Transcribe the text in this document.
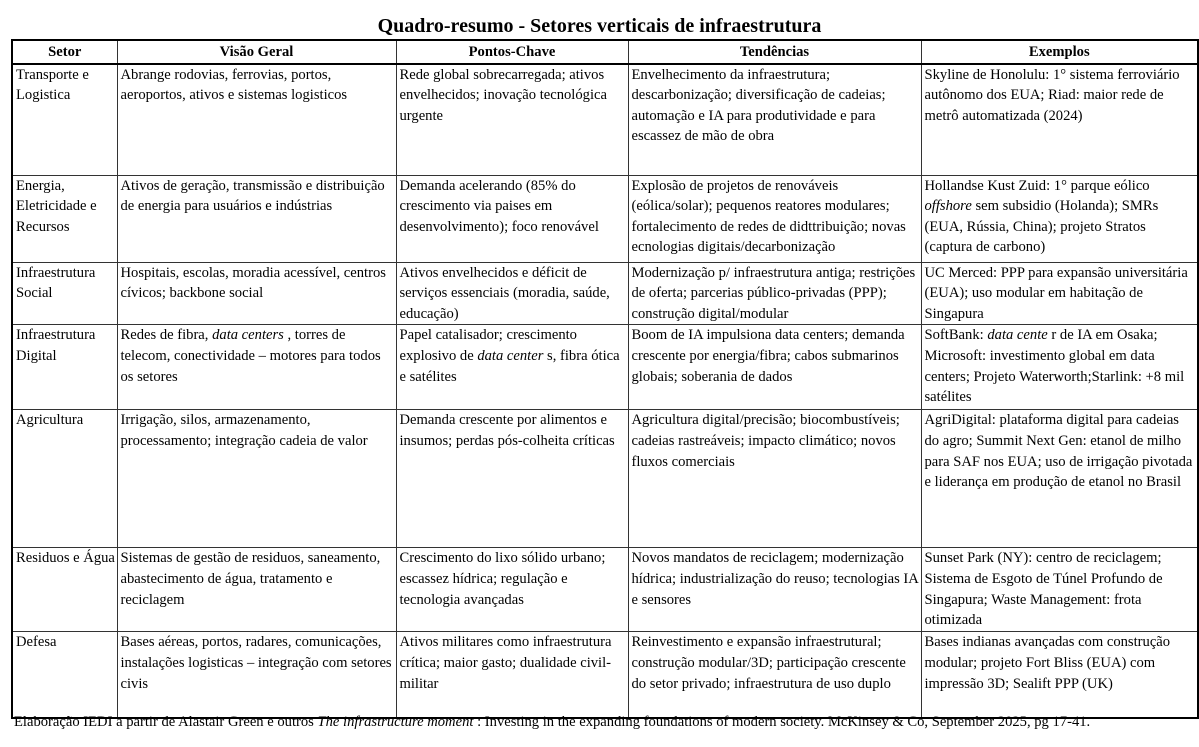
Quadro-resumo - Setores verticais de infraestrutura
Setor	Visão Geral	Pontos-Chave	Tendências	Exemplos
Transporte e Logistica	Abrange rodovias, ferrovias, portos, aeroportos, ativos e sistemas logisticos	Rede global sobrecarregada; ativos envelhecidos; inovação tecnológica urgente	Envelhecimento da infraestrutura; descarbonização; diversificação de cadeias; automação e IA para produtividade e para escassez de mão de obra	Skyline de Honolulu: 1° sistema ferroviário autônomo dos EUA; Riad: maior rede de metrô automatizada (2024)
Energia, Eletricidade e Recursos	Ativos de geração, transmissão e distribuição de energia para usuários e indústrias	Demanda acelerando (85% do crescimento via paises em desenvolvimento); foco renovável	Explosão de projetos de renováveis (eólica/solar); pequenos reatores modulares; fortalecimento de redes de didttribuição; novas ecnologias digitais/decarbonização	Hollandse Kust Zuid: 1° parque eólico offshore sem subsidio (Holanda); SMRs (EUA, Rússia, China); projeto Stratos (captura de carbono)
Infraestrutura Social	Hospitais, escolas, moradia acessível, centros cívicos; backbone social	Ativos envelhecidos e déficit de serviços essenciais (moradia, saúde, educação)	Modernização p/ infraestrutura antiga; restrições de oferta; parcerias público-privadas (PPP); construção digital/modular	UC Merced: PPP para expansão universitária (EUA); uso modular em habitação de Singapura
Infraestrutura Digital	Redes de fibra, data centers , torres de telecom, conectividade – motores para todos os setores	Papel catalisador; crescimento explosivo de data center s, fibra ótica e satélites	Boom de IA impulsiona data centers; demanda crescente por energia/fibra; cabos submarinos globais; soberania de dados	SoftBank: data cente r de IA em Osaka; Microsoft: investimento global em data centers; Projeto Waterworth;Starlink: +8 mil satélites
Agricultura	Irrigação, silos, armazenamento, processamento; integração cadeia de valor	Demanda crescente por alimentos e insumos; perdas pós-colheita críticas	Agricultura digital/precisão; biocombustíveis; cadeias rastreáveis; impacto climático; novos fluxos comerciais	AgriDigital: plataforma digital para cadeias do agro; Summit Next Gen: etanol de milho para SAF nos EUA; uso de irrigação pivotada e liderança em produção de etanol no Brasil
Residuos e Água	Sistemas de gestão de residuos, saneamento, abastecimento de água, tratamento e reciclagem	Crescimento do lixo sólido urbano; escassez hídrica; regulação e tecnologia avançadas	Novos mandatos de reciclagem; modernização hídrica; industrialização do reuso; tecnologias IA e sensores	Sunset Park (NY): centro de reciclagem; Sistema de Esgoto de Túnel Profundo de Singapura; Waste Management: frota otimizada
Defesa	Bases aéreas, portos, radares, comunicações, instalações logisticas – integração com setores civis	Ativos militares como infraestrutura crítica; maior gasto; dualidade civil-militar	Reinvestimento e expansão infraestrutural; construção modular/3D; participação crescente do setor privado; infraestrutura de uso duplo	Bases indianas avançadas com construção modular; projeto Fort Bliss (EUA) com impressão 3D; Sealift PPP (UK)
Elaboração IEDI a partir de Alastair Green e outros The infrastructure moment : Investing in the expanding foundations of modern society. McKinsey & Co, September 2025, pg 17-41.
